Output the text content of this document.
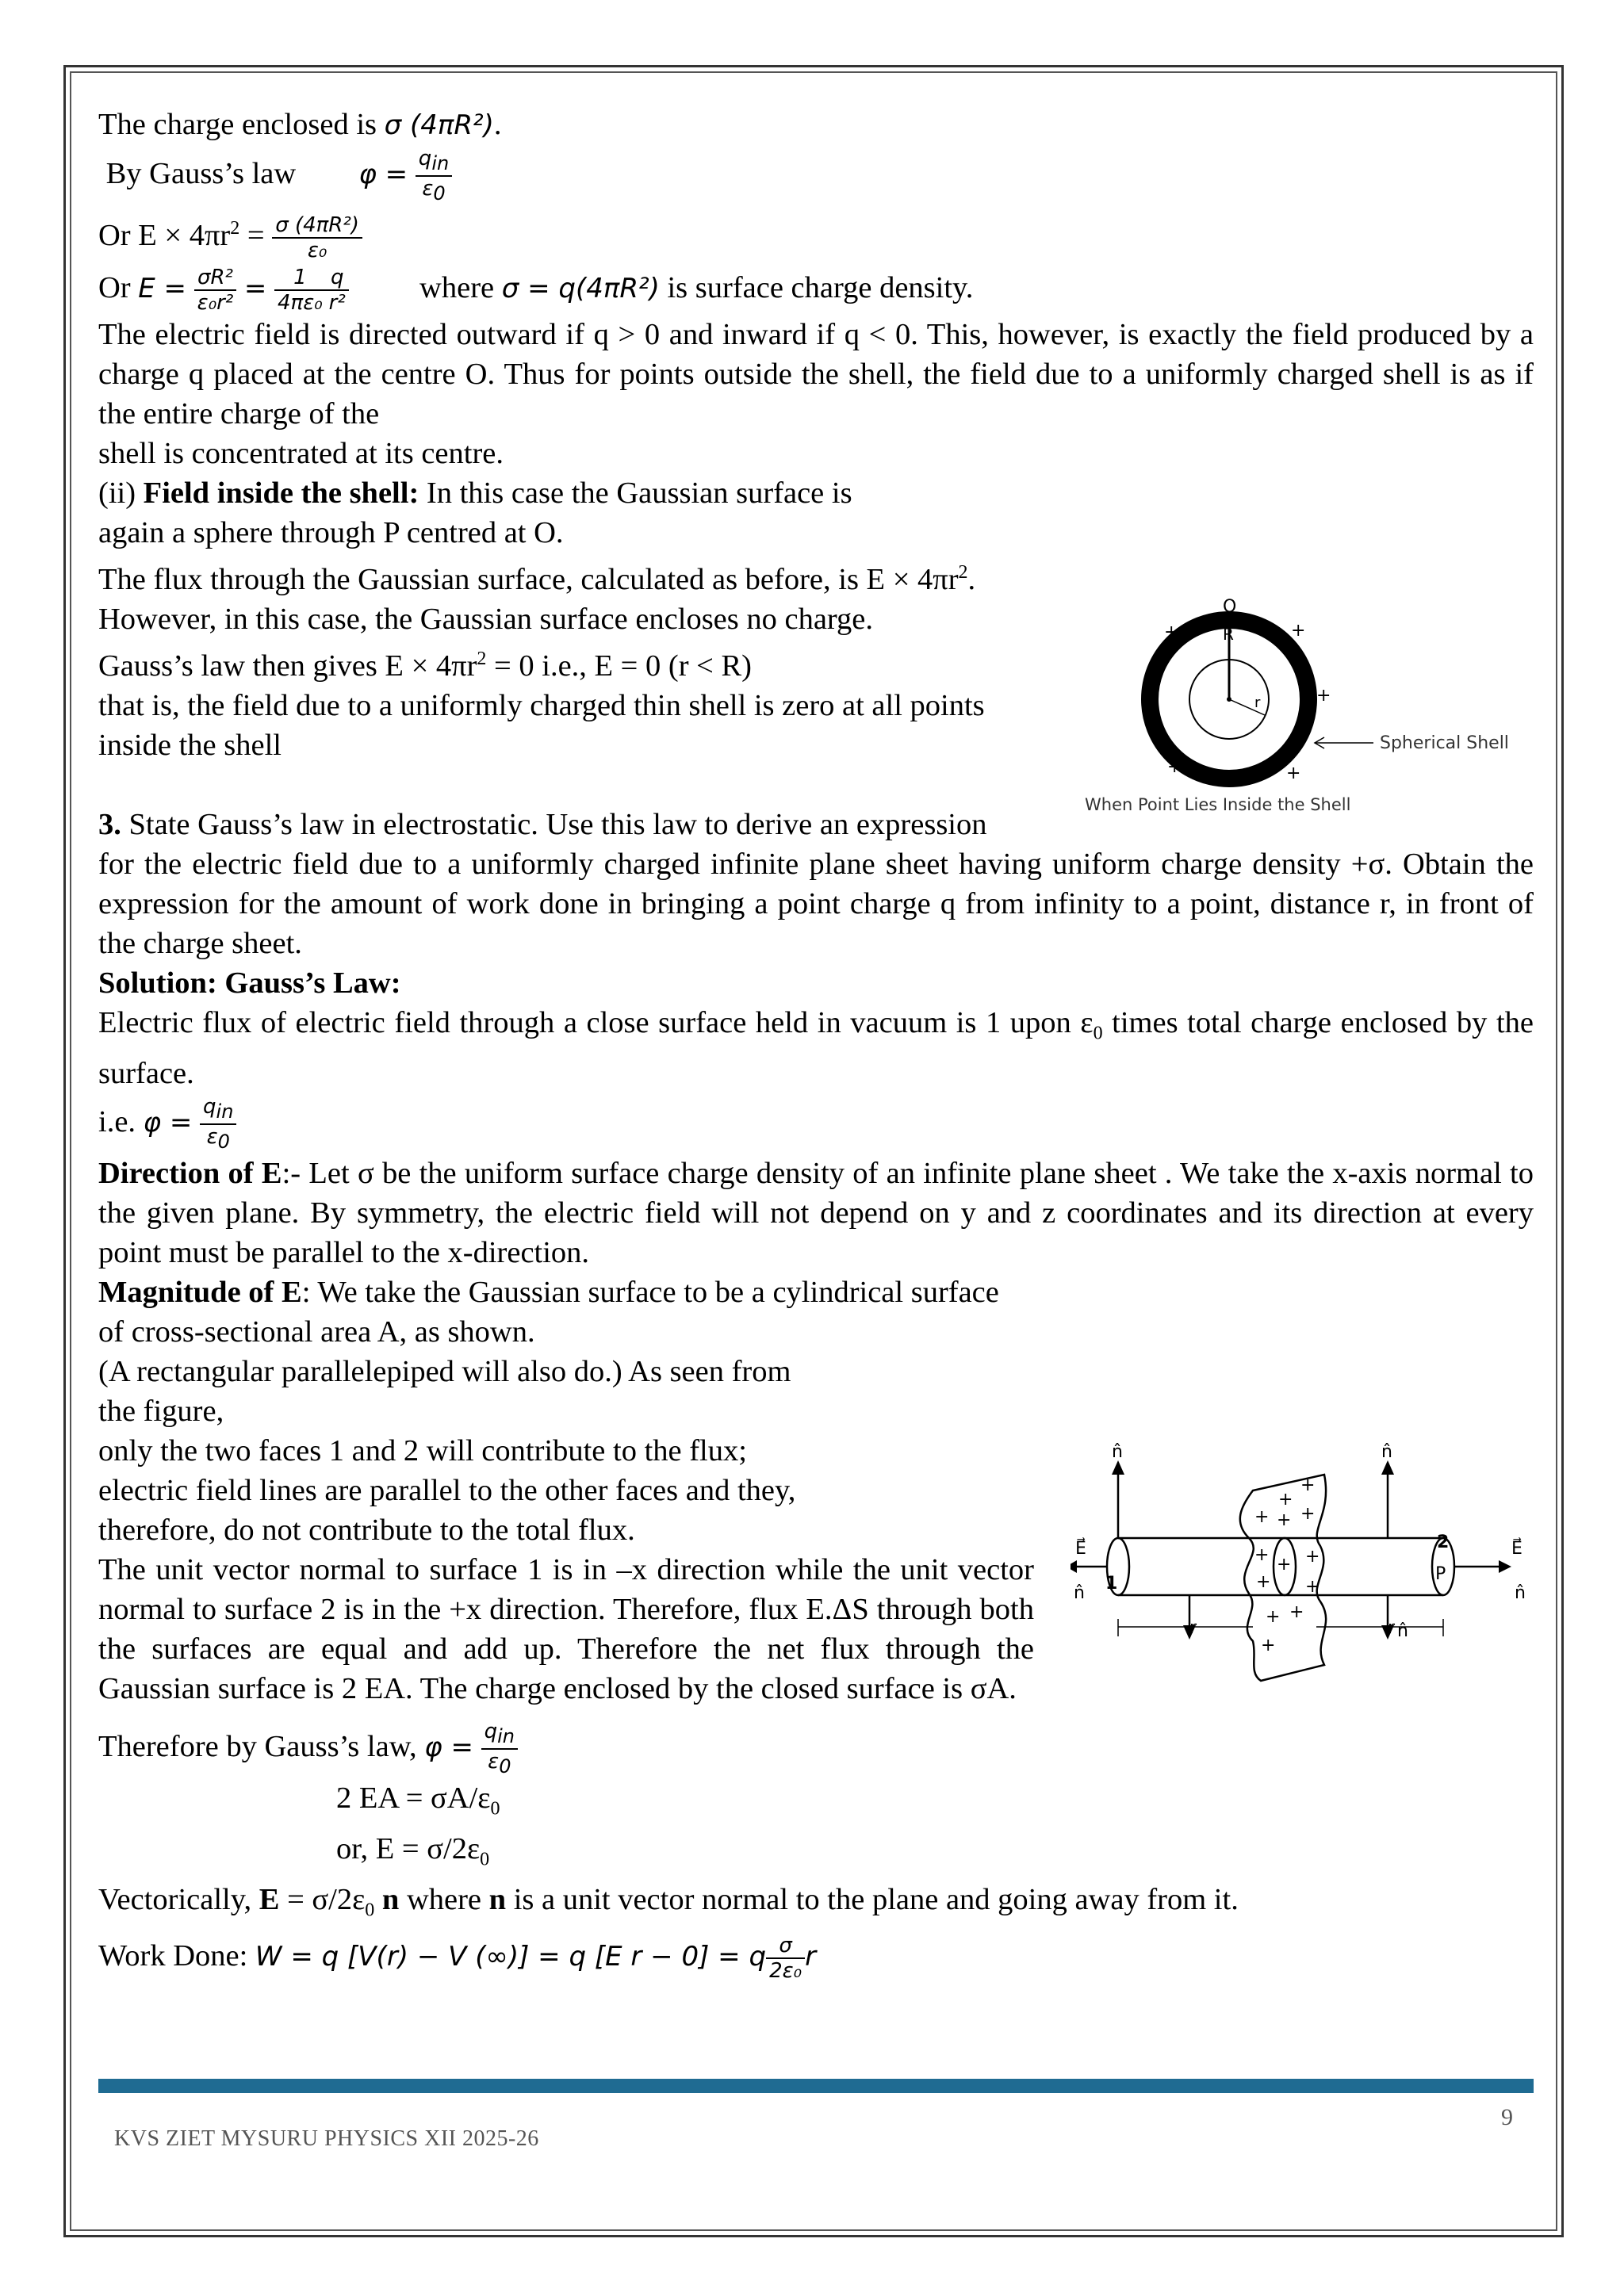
The charge enclosed is σ (4πR²).

By Gauss’s law $\varphi = \frac{\text{qin}}{\varepsilon 0}$

Or $E \times 4\pi r^2 = \frac{\text{σ (4πR²)}}{\text{ε₀}}$

Or $E = \frac{\text{σR²}}{\text{ε₀r²}} = \frac{1}{\text{4πε₀}} \frac{q}{\text{r²}}$ where σ = q(4πR²) is surface charge density.

The electric field is directed outward if q > 0 and inward if q < 0. This, however, is exactly the field produced by a charge q placed at the centre O. Thus for points outside the shell, the field due to a uniformly charged shell is as if the entire charge of the

shell is concentrated at its centre.

(ii) Field inside the shell: In this case the Gaussian surface is

again a sphere through P centred at O.

The flux through the Gaussian surface, calculated as before, is $E \times 4\pi r^2$.

However, in this case, the Gaussian surface encloses no charge.

Gauss’s law then gives $E \times 4\pi r^2 = 0$ i.e., E = 0 (r < R)

that is, the field due to a uniformly charged thin shell is zero at all points

inside the shell

3. State Gauss’s law in electrostatic. Use this law to derive an expression

for the electric field due to a uniformly charged infinite plane sheet having uniform charge density +σ. Obtain the expression for the amount of work done in bringing a point charge q from infinity to a point, distance r, in front of the charge sheet.

Solution: Gauss’s Law:

Electric flux of electric field through a close surface held in vacuum is 1 upon $\varepsilon_0$ times total charge enclosed by the surface.

i.e. $\varphi = \frac{\text{qin}}{\varepsilon 0}$

Direction of E:- Let σ be the uniform surface charge density of an infinite plane sheet . We take the x-axis normal to the given plane. By symmetry, the electric field will not depend on y and z coordinates and its direction at every point must be parallel to the x-direction.

Magnitude of E: We take the Gaussian surface to be a cylindrical surface

of cross-sectional area A, as shown.

(A rectangular parallelepiped will also do.) As seen from

the figure,

only the two faces 1 and 2 will contribute to the flux;

electric field lines are parallel to the other faces and they,

therefore, do not contribute to the total flux.

The unit vector normal to surface 1 is in –x direction while the unit vector normal to surface 2 is in the +x direction. Therefore, flux E.ΔS through both the surfaces are equal and add up. Therefore the net flux through the Gaussian surface is 2 EA. The charge enclosed by the closed surface is σA.

Therefore by Gauss’s law, $\varphi = \frac{\text{qin}}{\varepsilon 0}$

2 EA = $\sigma A/\varepsilon_0$

or, $E = \sigma/2\varepsilon_0$

Vectorically, $E = \sigma/2\varepsilon_0$ n where n is a unit vector normal to the plane and going away from it.

Work Done: W = q [V(r) − V (∞)] = q [E r − 0] = q $\frac{\sigma}{\text{2ε₀}}$ r

Q
R
r
+	+
+	+
+	+
Spherical Shell
When Point Lies Inside the Shell
n̂	n̂
n̂
n̂	n̂
E⃗	E⃗
1
2
P
r	r
+
+
+ + +
+ + +
+ +
+ +
+
KVS ZIET MYSURU PHYSICS XII 2025-26
9
